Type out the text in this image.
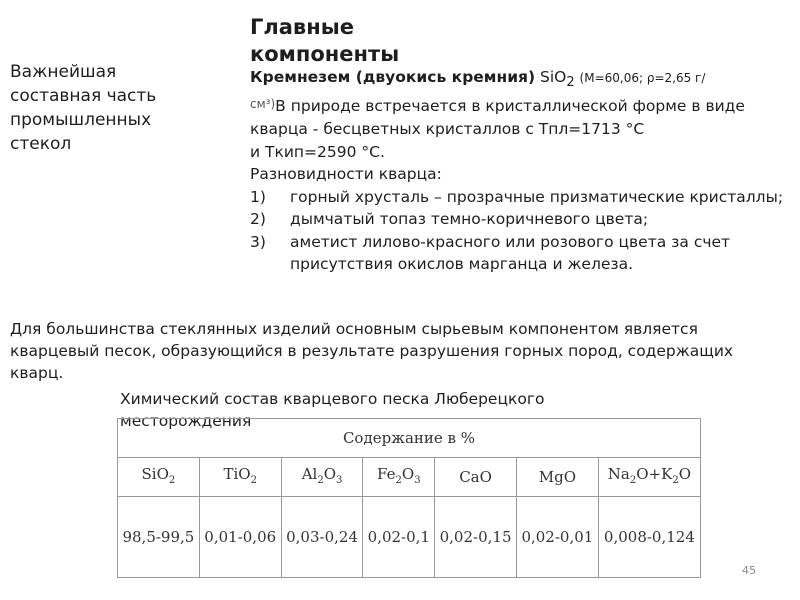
Главные компоненты
Важнейшая составная часть промышленных стекол

Кремнезем (двуокись кремния) SiO$_2$ (М=60,06; ρ=2,65 г/

см³)В природе встречается в кристаллической форме в виде кварца - бесцветных кристаллов с Тпл=1713 °С

и Ткип=2590 °С.

Разновидности кварца:

1)	горный хрусталь – прозрачные призматические кристаллы;
2)	дымчатый топаз темно-коричневого цвета;
3)	аметист лилово-красного или розового цвета за счет присутствия окислов марганца и железа.
Для большинства стеклянных изделий основным сырьевым компонентом является кварцевый песок, образующийся в результате разрушения горных пород, содержащих кварц.
Химический состав кварцевого песка Люберецкого месторождения
Содержание в %						
SiO$_2$	TiO$_2$	$Al_2O_3$	$Fe_2O_3$	CaO	MgO	$Na_2O+K_2O$
98,5-99,5	0,01-0,06	0,03-0,24	0,02-0,1	0,02-0,15	0,02-0,01	0,008-0,124
45
